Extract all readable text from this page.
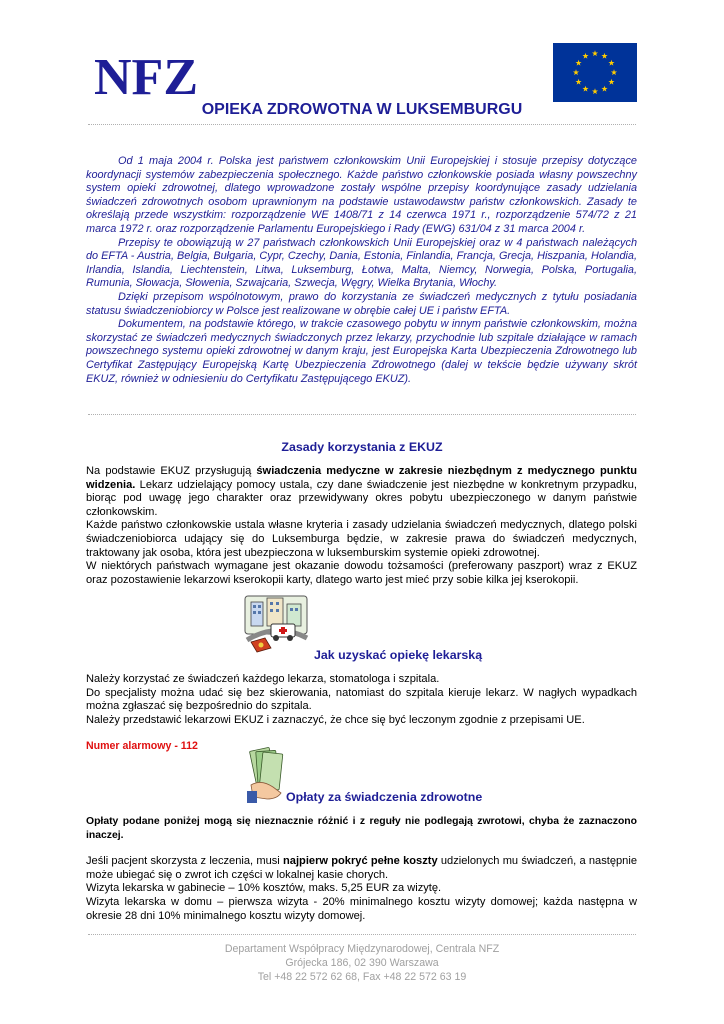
NFZ
OPIEKA ZDROWOTNA W LUKSEMBURGU

Od 1 maja 2004 r. Polska jest państwem członkowskim Unii Europejskiej i stosuje przepisy dotyczące koordynacji systemów zabezpieczenia społecznego. Każde państwo członkowskie posiada własny powszechny system opieki zdrowotnej, dlatego wprowadzone zostały wspólne przepisy koordynujące zasady udzielania świadczeń zdrowotnych osobom uprawnionym na podstawie ustawodawstw państw członkowskich. Zasady te określają przede wszystkim: rozporządzenie WE 1408/71 z 14 czerwca 1971 r., rozporządzenie 574/72 z 21 marca 1972 r. oraz rozporządzenie Parlamentu Europejskiego i Rady (EWG) 631/04 z 31 marca 2004 r.

Przepisy te obowiązują w 27 państwach członkowskich Unii Europejskiej oraz w 4 państwach należących do EFTA - Austria, Belgia, Bułgaria, Cypr, Czechy, Dania, Estonia, Finlandia, Francja, Grecja, Hiszpania, Holandia, Irlandia, Islandia, Liechtenstein, Litwa, Luksemburg, Łotwa, Malta, Niemcy, Norwegia, Polska, Portugalia, Rumunia, Słowacja, Słowenia, Szwajcaria, Szwecja, Węgry, Wielka Brytania, Włochy.

Dzięki przepisom wspólnotowym, prawo do korzystania ze świadczeń medycznych z tytułu posiadania statusu świadczeniobiorcy w Polsce jest realizowane w obrębie całej UE i państw EFTA.

Dokumentem, na podstawie którego, w trakcie czasowego pobytu w innym państwie członkowskim, można skorzystać ze świadczeń medycznych świadczonych przez lekarzy, przychodnie lub szpitale działające w ramach powszechnego systemu opieki zdrowotnej w danym kraju, jest Europejska Karta Ubezpieczenia Zdrowotnego lub Certyfikat Zastępujący Europejską Kartę Ubezpieczenia Zdrowotnego (dalej w tekście będzie używany skrót EKUZ, również w odniesieniu do Certyfikatu Zastępującego EKUZ).

Zasady korzystania z EKUZ

Na podstawie EKUZ przysługują świadczenia medyczne w zakresie niezbędnym z medycznego punktu widzenia. Lekarz udzielający pomocy ustala, czy dane świadczenie jest niezbędne w konkretnym przypadku, biorąc pod uwagę jego charakter oraz przewidywany okres pobytu ubezpieczonego w danym państwie członkowskim.

Każde państwo członkowskie ustala własne kryteria i zasady udzielania świadczeń medycznych, dlatego polski świadczeniobiorca udający się do Luksemburga będzie, w zakresie prawa do świadczeń medycznych, traktowany jak osoba, która jest ubezpieczona w luksemburskim systemie opieki zdrowotnej.

W niektórych państwach wymagane jest okazanie dowodu tożsamości (preferowany paszport) wraz z EKUZ oraz pozostawienie lekarzowi kserokopii karty, dlatego warto jest mieć przy sobie kilka jej kserokopii.

Jak uzyskać opiekę lekarską

Należy korzystać ze świadczeń każdego lekarza, stomatologa i szpitala.

Do specjalisty można udać się bez skierowania, natomiast do szpitala kieruje lekarz. W nagłych wypadkach można zgłaszać się bezpośrednio do szpitala.

Należy przedstawić lekarzowi EKUZ i zaznaczyć, że chce się być leczonym zgodnie z przepisami UE.

Numer alarmowy - 112
Opłaty za świadczenia zdrowotne

Opłaty podane poniżej mogą się nieznacznie różnić i z reguły nie podlegają zwrotowi, chyba że zaznaczono inaczej.

Jeśli pacjent skorzysta z leczenia, musi najpierw pokryć pełne koszty udzielonych mu świadczeń, a następnie może ubiegać się o zwrot ich części w lokalnej kasie chorych.

Wizyta lekarska w gabinecie – 10% kosztów, maks. 5,25 EUR za wizytę.

Wizyta lekarska w domu – pierwsza wizyta - 20% minimalnego kosztu wizyty domowej; każda następna w okresie 28 dni 10% minimalnego kosztu wizyty domowej.

Departament Współpracy Międzynarodowej, Centrala NFZ
Grójecka 186, 02 390 Warszawa
Tel +48 22 572 62 68, Fax +48 22 572 63 19
